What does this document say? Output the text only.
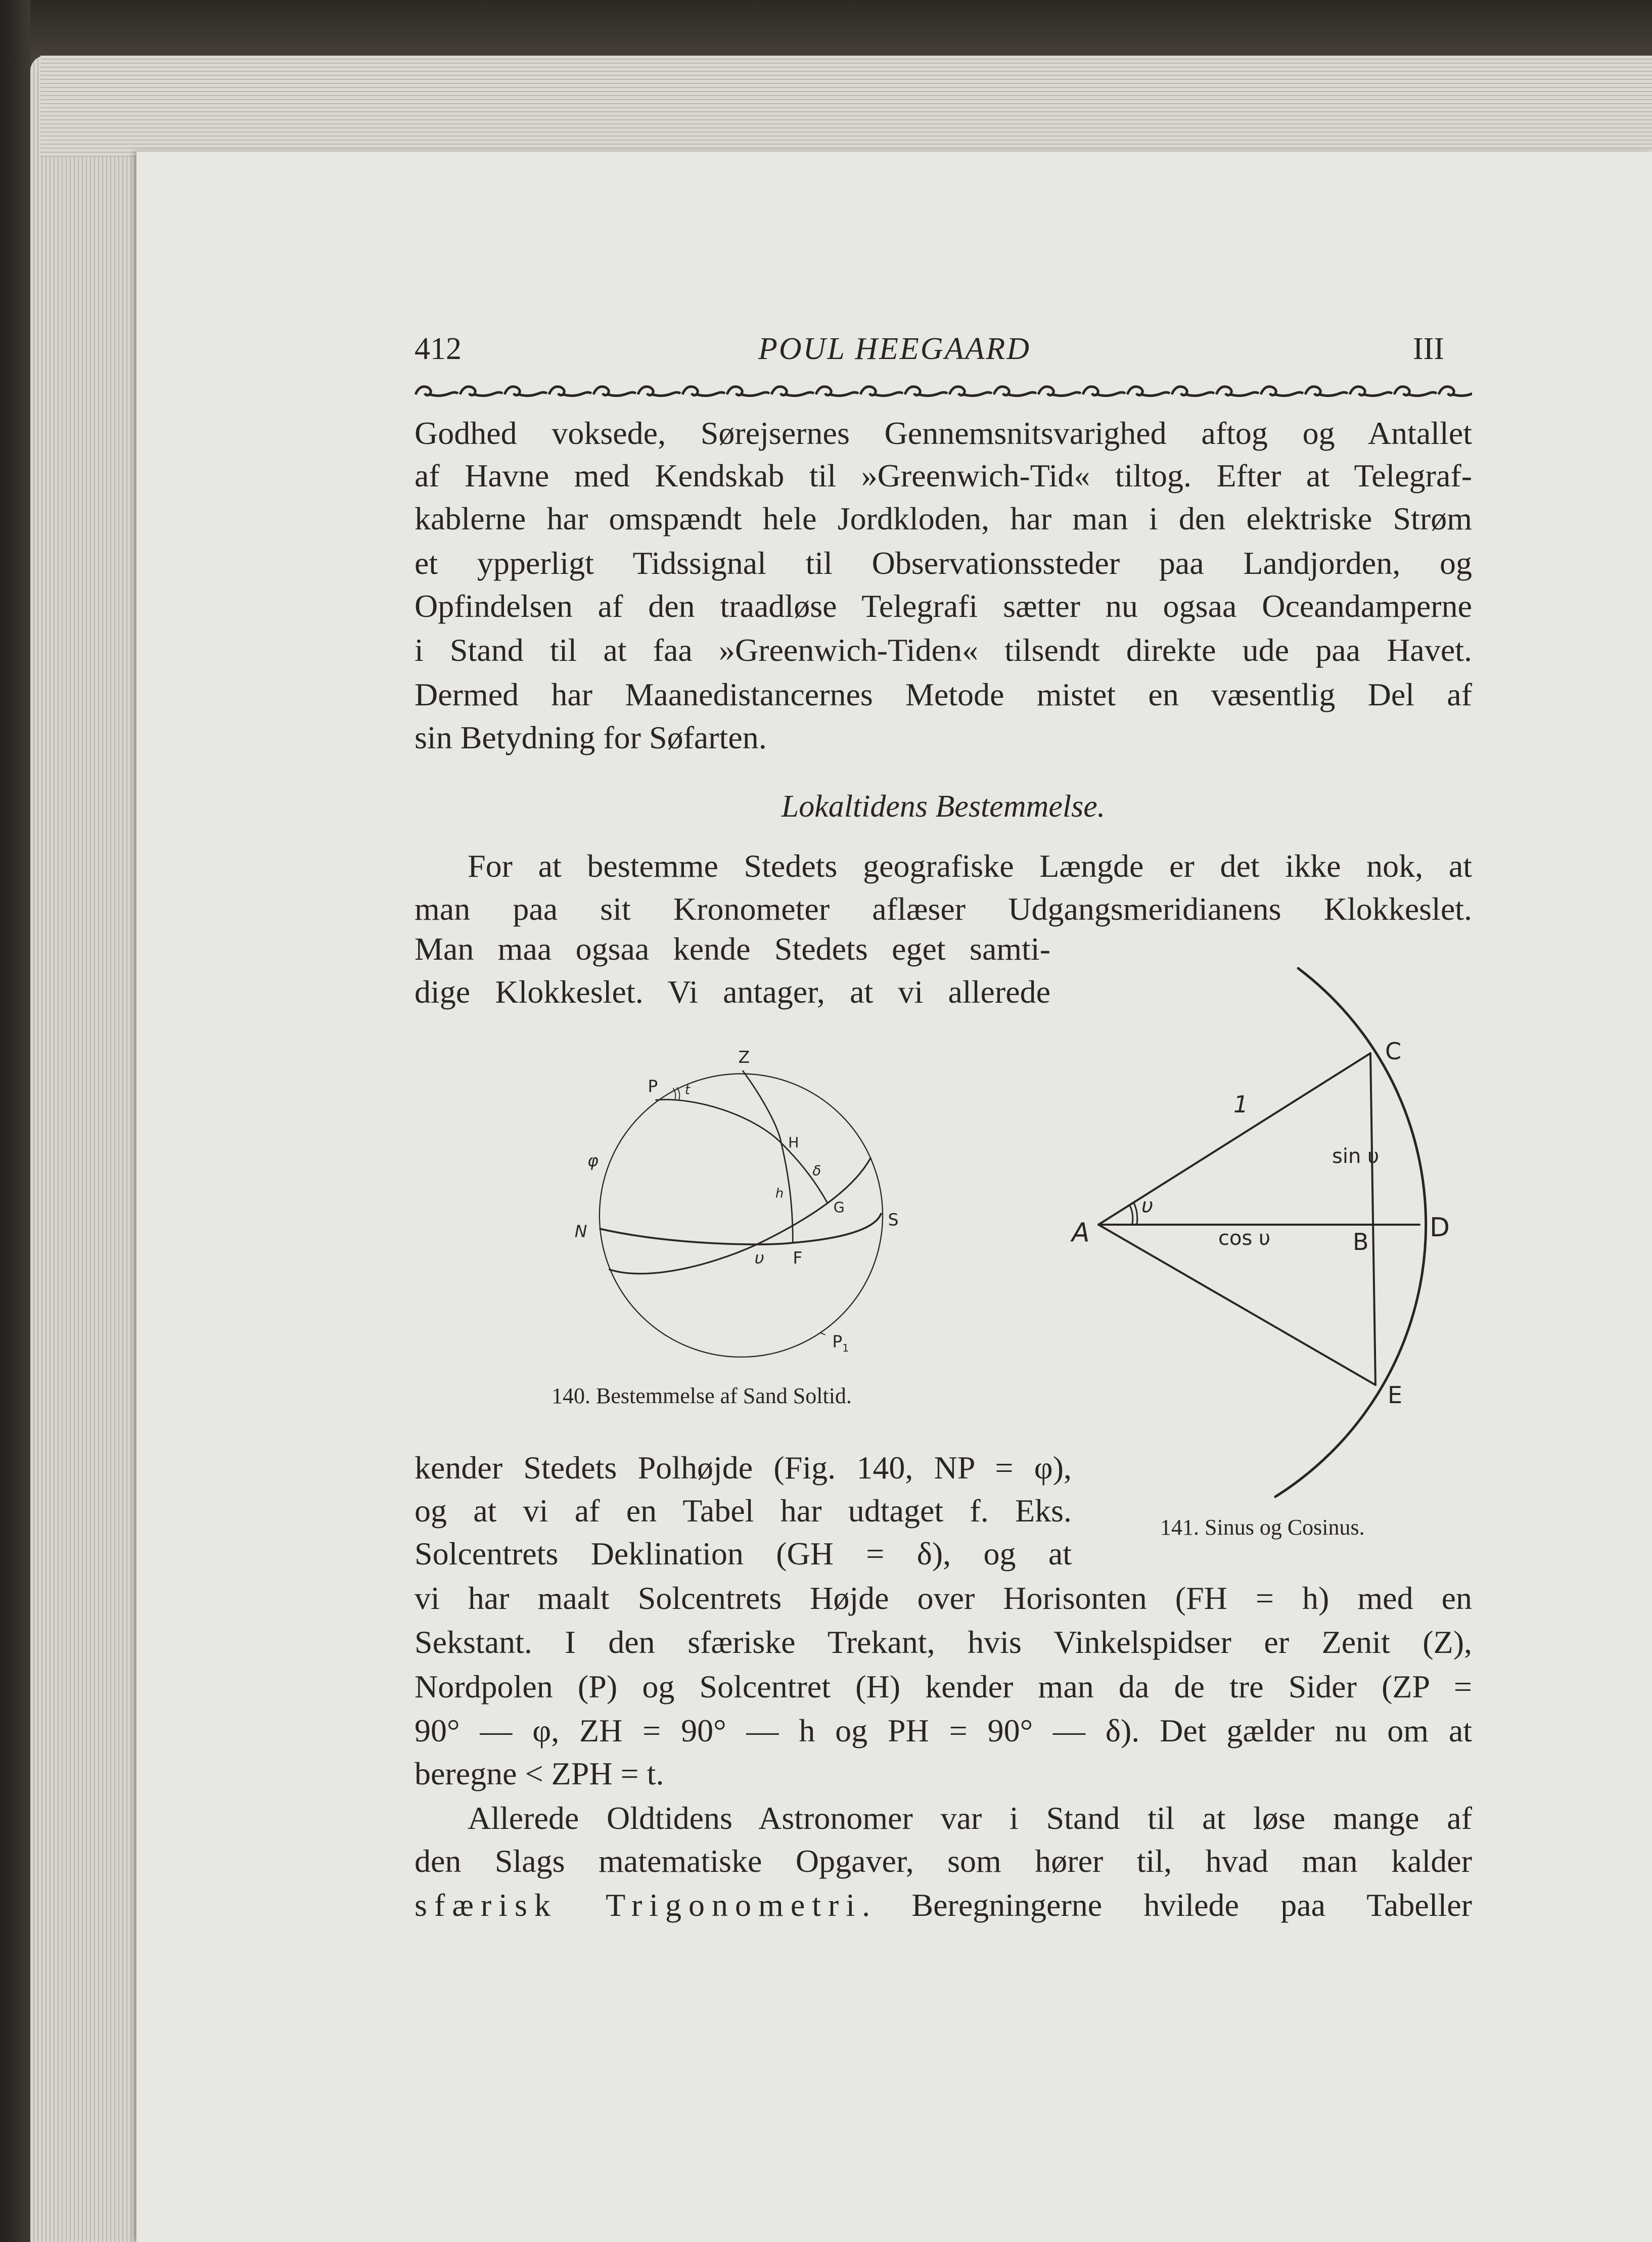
412	POUL HEEGAARD	III
Godhed voksede, Sørejsernes Gennemsnitsvarighed aftog og Antallet
af Havne med Kendskab til »Greenwich-Tid« tiltog. Efter at Telegraf-
kablerne har omspændt hele Jordkloden, har man i den elektriske Strøm
et ypperligt Tidssignal til Observationssteder paa Landjorden, og
Opfindelsen af den traadløse Telegrafi sætter nu ogsaa Oceandamperne
i Stand til at faa »Greenwich-Tiden« tilsendt direkte ude paa Havet.
Dermed har Maanedistancernes Metode mistet en væsentlig Del af
sin Betydning for Søfarten.
Lokaltidens Bestemmelse.
For at bestemme Stedets geografiske Længde er det ikke nok, at
man paa sit Kronometer aflæser Udgangsmeridianens Klokkeslet.
Man maa ogsaa kende Stedets eget samti-
dige Klokkeslet. Vi antager, at vi allerede
kender Stedets Polhøjde (Fig. 140, NP = φ),
og at vi af en Tabel har udtaget f. Eks.
Solcentrets Deklination (GH = δ), og at
vi har maalt Solcentrets Højde over Horisonten (FH = h) med en
Sekstant. I den sfæriske Trekant, hvis Vinkelspidser er Zenit (Z),
Nordpolen (P) og Solcentret (H) kender man da de tre Sider (ZP =
90° — φ, ZH = 90° — h og PH = 90° — δ). Det gælder nu om at
beregne < ZPH = t.
Allerede Oldtidens Astronomer var i Stand til at løse mange af
den Slags matematiske Opgaver, som hører til, hvad man kalder
sfærisk Trigonometri. Beregningerne hvilede paa Tabeller
Z
P t
H
φ
δ
h
G
S
N
υ F
$P_1$
140. Bestemmelse af Sand Soltid.
A	B
C
D
E
1
sin υ
cos υ
υ
141. Sinus og Cosinus.
